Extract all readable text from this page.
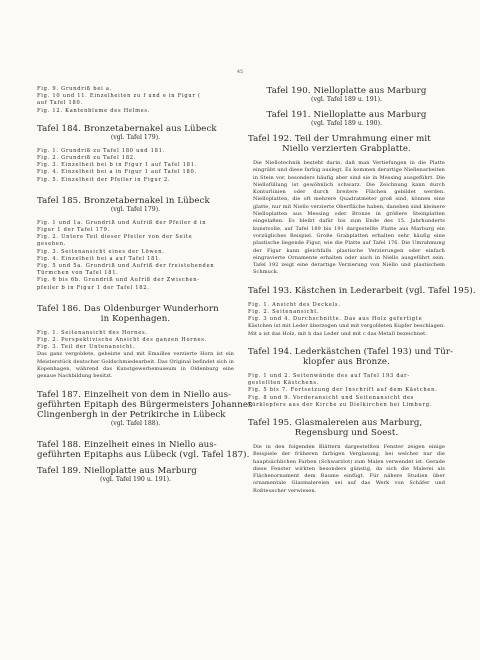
45
Fig. 9. Grundriß bei a.
Fig. 10 und 11. Einzelheiten zu f und e in Figur (
auf Tafel 180.
Fig. 12. Kantenblume des Helmes.
Tafel 184. Bronzetabernakel aus Lübeck
(vgl. Tafel 179).
Fig. 1. Grundriß zu Tafel 180 und 181.
Fig. 2. Grundriß zu Tafel 182.
Fig. 3. Einzelheit bei b in Figur 1 auf Tafel 181.
Fig. 4. Einzelheit bei a in Figur 1 auf Tafel 180.
Fig. 5. Einzelheit der Pfeiler in Figur 2.
Tafel 185. Bronzetabernakel in Lübeck
(vgl. Tafel 179).
Fig. 1 und 1a. Grundriß und Aufriß der Pfeiler d in
Figur 1 der Tafel 179.
Fig. 2. Untere Teil dieser Pfeiler von der Seite
gesehen.
Fig. 3. Seitenansicht eines der Löwen.
Fig. 4. Einzelheit bei a auf Tafel 181.
Fig. 5 und 5a. Grundriß und Aufriß der freistehenden
Türmchen von Tafel 181.
Fig. 6 bis 6b. Grundriß und Aufriß der Zwischen-
pfeiler b in Figur 1 der Tafel 182.
Tafel 186. Das Oldenburger Wunderhorn
in Kopenhagen.
Fig. 1. Seitenansicht des Hornes.
Fig. 2. Perspektivische Ansicht des ganzen Hornes.
Fig. 3. Teil der Untenansicht.
Das ganz vergoldete, gebeizte und mit Emailles verzierte Horn ist ein Meisterstück deutscher Goldschmiedearbeit. Das Original befindet sich in Kopenhagen, während das Kunstgewerbemuseum in Oldenburg eine genaue Nachbildung besitzt.
Tafel 187. Einzelheit von dem in Niello aus-
geführten Epitaph des Bürgermeisters Johannes
Clingenbergh in der Petrikirche in Lübeck
(vgl. Tafel 188).
Tafel 188. Einzelheit eines in Niello aus-
geführten Epitaphs aus Lübeck (vgl. Tafel 187).
Tafel 189. Nielloplatte aus Marburg
(vgl. Tafel 190 u. 191).
Tafel 190. Nielloplatte aus Marburg
(vgl. Tafel 189 u. 191).
Tafel 191. Nielloplatte aus Marburg
(vgl. Tafel 189 u. 190).
Tafel 192. Teil der Umrahmung einer mit
Niello verzierten Grabplatte.
Die Niellotechnik besteht darin, daß man Vertiefungen in die Platte eingräbt und diese farbig auslegt. Es kommen derartige Niellenarbeiten in Stein vor, besonders häufig aber sind sie in Messing ausgeführt. Die Niellofüllung ist gewöhnlich schwarz. Die Zeichnung kann durch Konturlinien oder durch breitere Flächen gebildet werden. Nielloplatten, die oft mehrere Quadratmeter groß sind, können eine glatte, nur mit Niello verzierte Oberfläche haben, daneben sind kleinere Nielloplatten aus Messing oder Bronze in größere Steinplatten eingelaßen. Es bleibt dafür bis zum Ende des 15. Jahrhunderts kunstvolle, auf Tafel 189 bis 191 dargestellte Platte aus Marburg ein vorzügliches Beispiel. Große Grabplatten erhalten sehr häufig eine plastische liegende Figur, wie die Platte auf Tafel 176. Die Umrahmung der Figur kann gleichfalls plastische Verzierungen oder einfach eingravierte Ornamente erhalten oder auch in Niello ausgeführt sein. Tafel 192 zeigt eine derartige Verzierung von Niello und plastischem Schmuck.
Tafel 193. Kästchen in Lederarbeit (vgl. Tafel 195).
Fig. 1. Ansicht des Deckels.
Fig. 2. Seitenansicht.
Fig. 3 und 4. Durchschnitte. Das aus Holz gefertigte
Kästchen ist mit Leder überzogen und mit vergoldeten Kupfer beschlagen. Mit a ist das Holz, mit b das Leder und mit c das Metall bezeichnet.
Tafel 194. Lederkästchen (Tafel 193) und Tür-
klopfer aus Bronze.
Fig. 1 und 2. Seitenwände des auf Tafel 193 dar-
gestellten Kästchens.
Fig. 5 bis 7. Fortsetzung der Inschrift auf dem Kästchen.
Fig. 8 und 9. Vorderansicht und Seitenansicht des
Türklopfers aus der Kirche zu Dielkirchen bei Limburg.
Tafel 195. Glasmalereien aus Marburg,
Regensburg und Soest.
Die in den folgenden Blättern dargestellten Fenster zeigen einige Beispiele der früheren farbigen Verglasung, bei welcher nur die hauptsächlichen Farben (Schwarzlot) zum Malen verwendet ist. Gerade diese Fenster wirkten besonders günstig, da sich die Malerei als Flächenornament dem Raume einfügt. Für nähere Studien über ornamentale Glasmalereien sei auf das Werk von Schäfer und Roßteuscher verwiesen.
